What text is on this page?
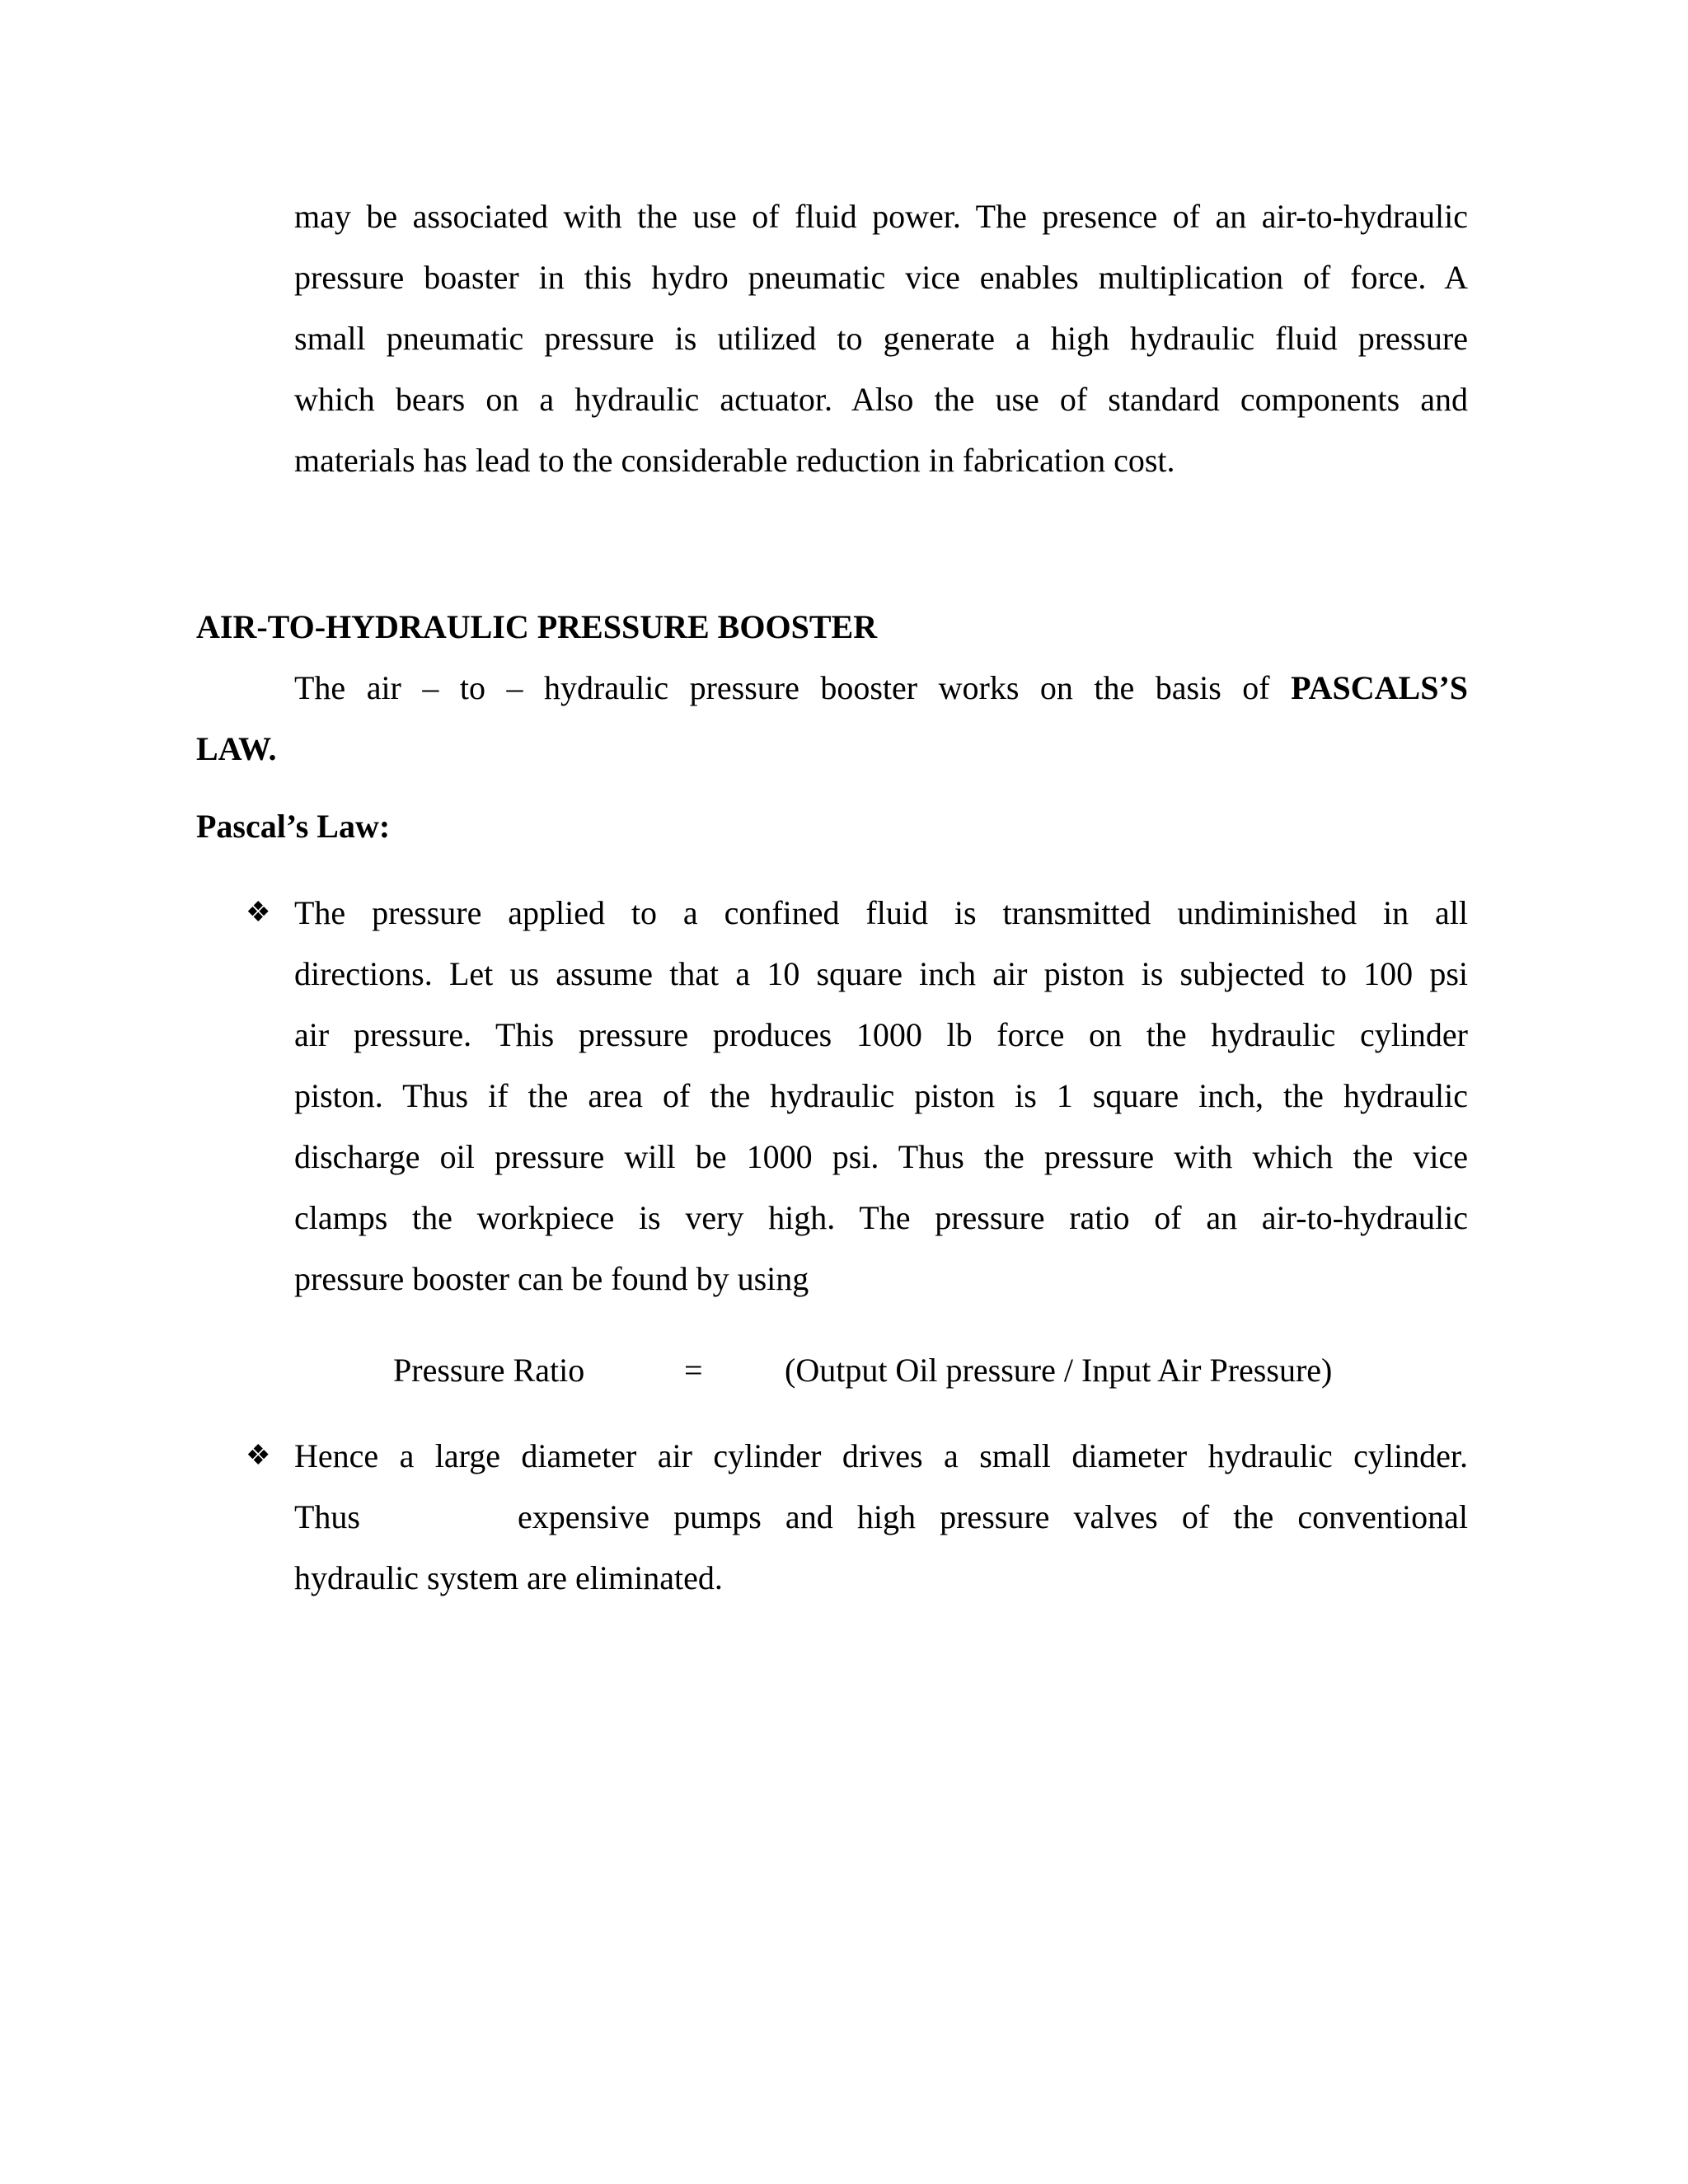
may be associated with the use of fluid power. The presence of an air-to-hydraulic
pressure boaster in this hydro pneumatic vice enables multiplication of force. A
small pneumatic pressure is utilized to generate a high hydraulic fluid pressure
which bears on a hydraulic actuator. Also the use of standard components and
materials has lead to the considerable reduction in fabrication cost.
AIR-TO-HYDRAULIC PRESSURE BOOSTER
The air – to – hydraulic pressure booster works on the basis of PASCALS’S
LAW.
Pascal’s Law:
❖ The pressure applied to a confined fluid is transmitted undiminished in all
directions. Let us assume that a 10 square inch air piston is subjected to 100 psi
air pressure. This pressure produces 1000 lb force on the hydraulic cylinder
piston. Thus if the area of the hydraulic piston is 1 square inch, the hydraulic
discharge oil pressure will be 1000 psi. Thus the pressure with which the vice
clamps the workpiece is very high. The pressure ratio of an air-to-hydraulic
pressure booster can be found by using
Pressure Ratio	= (Output Oil pressure / Input Air Pressure)
❖ Hence a large diameter air cylinder drives a small diameter hydraulic cylinder.
Thus	expensive pumps and high pressure valves of the conventional
hydraulic system are eliminated.
